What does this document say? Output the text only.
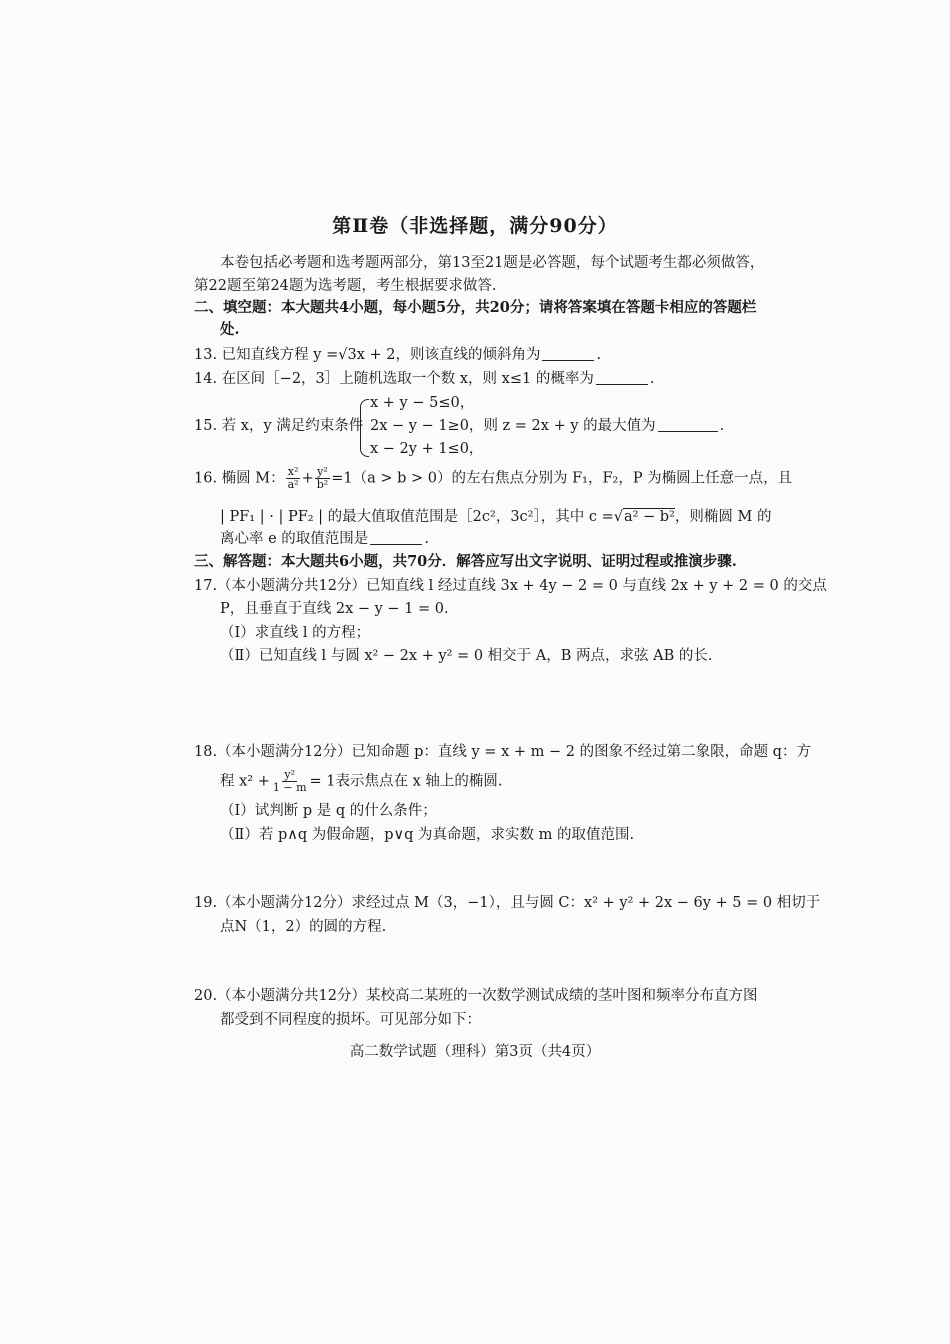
第Ⅱ卷（非选择题，满分90分）
本卷包括必考题和选考题两部分，第13至21题是必答题，每个试题考生都必须做答，
第22题至第24题为选考题，考生根据要求做答.
二、填空题：本大题共4小题，每小题5分，共20分；请将答案填在答题卡相应的答题栏
处.
13. 已知直线方程 y =√3x + 2，则该直线的倾斜角为	.
14. 在区间［−2，3］上随机选取一个数 x，则 x≤1 的概率为	.
15. 若 x，y 满足约束条件
x + y − 5≤0，
2x − y − 1≥0，则 z = 2x + y 的最大值为	.
x − 2y + 1≤0，
16. 椭圆 M： $\frac{\text{x²}}{\text{a²}} + \frac{\text{y²}}{\text{b²}} =1(a > b > 0)$的左右焦点分别为 F₁，F₂，P 为椭圆上任意一点，且
| PF₁ | · | PF₂ | 的最大值取值范围是［2c²，3c²］，其中 c =√a² − b²，则椭圆 M 的
离心率 e 的取值范围是	.
三、解答题：本大题共6小题，共70分．解答应写出文字说明、证明过程或推演步骤.
17.（本小题满分共12分）已知直线 l 经过直线 3x + 4y − 2 = 0 与直线 2x + y + 2 = 0 的交点
P，且垂直于直线 2x − y − 1 = 0.
（Ⅰ）求直线 l 的方程；
（Ⅱ）已知直线 l 与圆 x² − 2x + y² = 0 相交于 A，B 两点，求弦 AB 的长.
18.（本小题满分12分）已知命题 p：直线 y = x + m − 2 的图象不经过第二象限，命题 q：方
程 $x^2 + \frac{\text{y²}}{1 - m} = 1$表示焦点在 x 轴上的椭圆.
（Ⅰ）试判断 p 是 q 的什么条件；
（Ⅱ）若 p∧q 为假命题，p∨q 为真命题，求实数 m 的取值范围.
19.（本小题满分12分）求经过点 M（3，−1），且与圆 C：x² + y² + 2x − 6y + 5 = 0 相切于
点N（1，2）的圆的方程.
20.（本小题满分共12分）某校高二某班的一次数学测试成绩的茎叶图和频率分布直方图
都受到不同程度的损坏。可见部分如下：
高二数学试题（理科）第3页（共4页）
